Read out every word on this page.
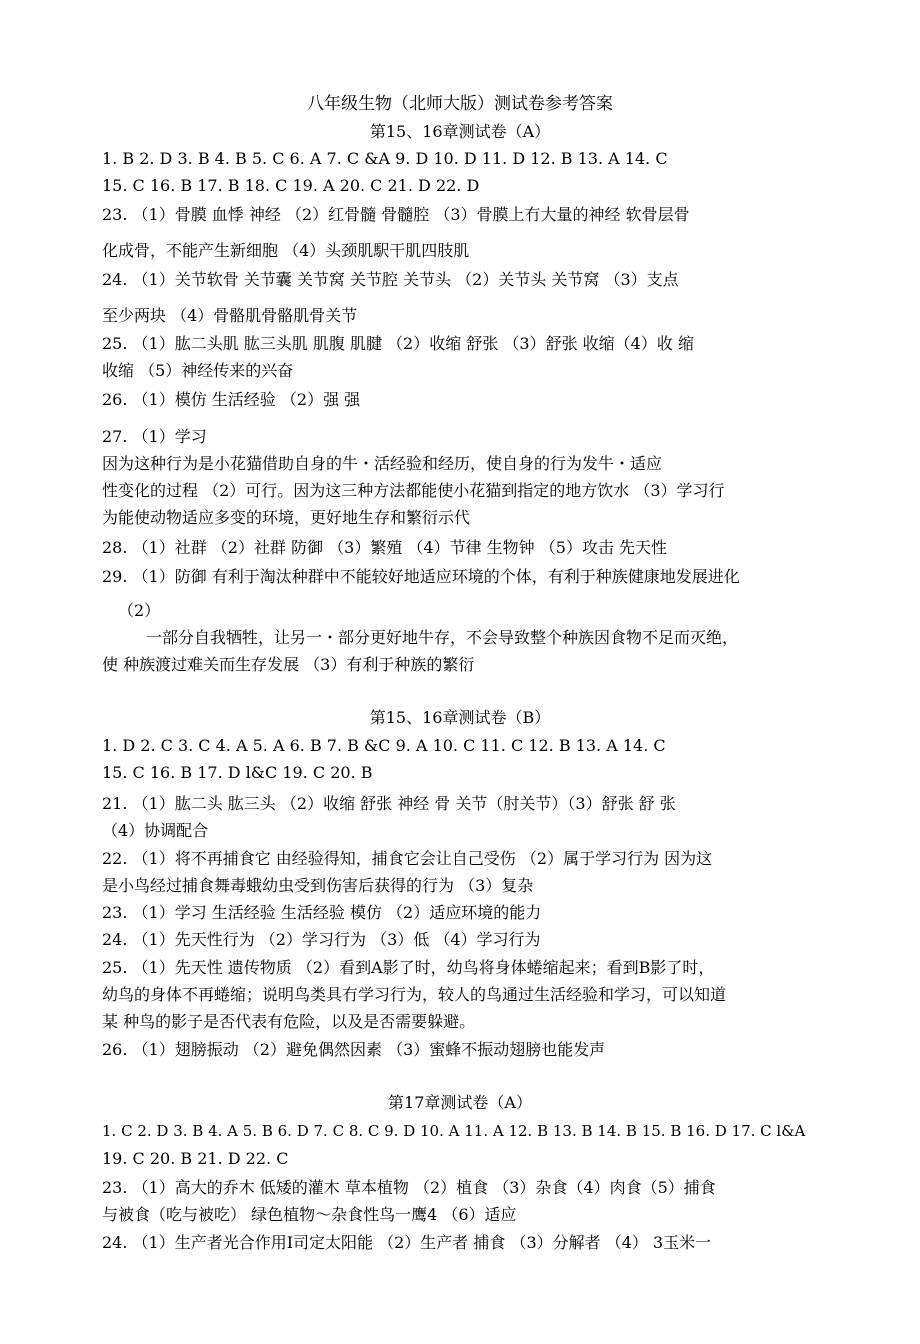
八年级生物（北师大版）测试卷参考答案
第15、16章测试卷（A）
1. B 2. D 3. B 4. B 5. C 6. A 7. C &A 9. D 10. D 11. D 12. B 13. A 14. C
15. C 16. B 17. B 18. C 19. A 20. C 21. D 22. D
23. （1）骨膜 血悸 神经 （2）红骨髓 骨髓腔 （3）骨膜上冇大量的神经 软骨层骨
化成骨，不能产生新细胞 （4）头颈肌駅干肌四肢肌
24. （1）关节软骨 关节囊 关节窝 关节腔 关节头 （2）关节头 关节窝 （3）支点
至少两块 （4）骨骼肌骨骼肌骨关节
25. （1）肱二头肌 肱三头肌 肌腹 肌腱 （2）收缩 舒张 （3）舒张 收缩（4）收 缩
收缩 （5）神经传来的兴奋
26. （1）模仿 生活经验 （2）强 强
27. （1）学习
因为这种行为是小花猫借助自身的牛・活经验和经历，使自身的行为发牛・适应
性变化的过程 （2）可行。因为这三种方法都能使小花猫到指定的地方饮水 （3）学习行
为能使动物适应多变的环境，更好地生存和繁衍示代
28. （1）社群 （2）社群 防御 （3）繁殖 （4）节律 生物钟 （5）攻击 先天性
29. （1）防御 有利于淘汰种群中不能较好地适应环境的个体，有利于种族健康地发展进化
（2）
一部分自我牺牲，让另一・部分更好地牛存，不会导致整个种族因食物不足而灭绝，
使 种族渡过难关而生存发展 （3）有利于种族的繁衍
第15、16章测试卷（B）
1. D 2. C 3. C 4. A 5. A 6. B 7. B &C 9. A 10. C 11. C 12. B 13. A 14. C
15. C 16. B 17. D l&C 19. C 20. B
21. （1）肱二头 肱三头 （2）收缩 舒张 神经 骨 关节（肘关节）（3）舒张 舒 张
（4）协调配合
22. （1）将不再捕食它 由经验得知，捕食它会让自己受伤 （2）属于学习行为 因为这
是小鸟经过捕食舞毒蛾幼虫受到伤害后获得的行为 （3）复杂
23. （1）学习 生活经验 生活经验 模仿 （2）适应环境的能力
24. （1）先天性行为 （2）学习行为 （3）低 （4）学习行为
25. （1）先天性 遗传物质 （2）看到A影了时，幼鸟将身体蜷缩起来；看到B影了时，
幼鸟的身体不再蜷缩；说明鸟类具冇学习行为，较人的鸟通过生活经验和学习，可以知道
某 种鸟的影子是否代表有危险，以及是否需要躲避。
26. （1）翅膀振动 （2）避免偶然因素 （3）蜜蜂不振动翅膀也能发声
第17章测试卷（A）
1. C 2. D 3. B 4. A 5. B 6. D 7. C 8. C 9. D 10. A 11. A 12. B 13. B 14. B 15. B 16. D 17. C l&A
19. C 20. B 21. D 22. C
23. （1）高大的乔木 低矮的灌木 草本植物 （2）植食 （3）杂食（4）肉食（5）捕食
与被食（吃与被吃） 绿色植物～杂食性鸟一鹰4 （6）适应
24. （1）生产者光合作用I司定太阳能 （2）生产者 捕食 （3）分解者 （4） 3玉米一
